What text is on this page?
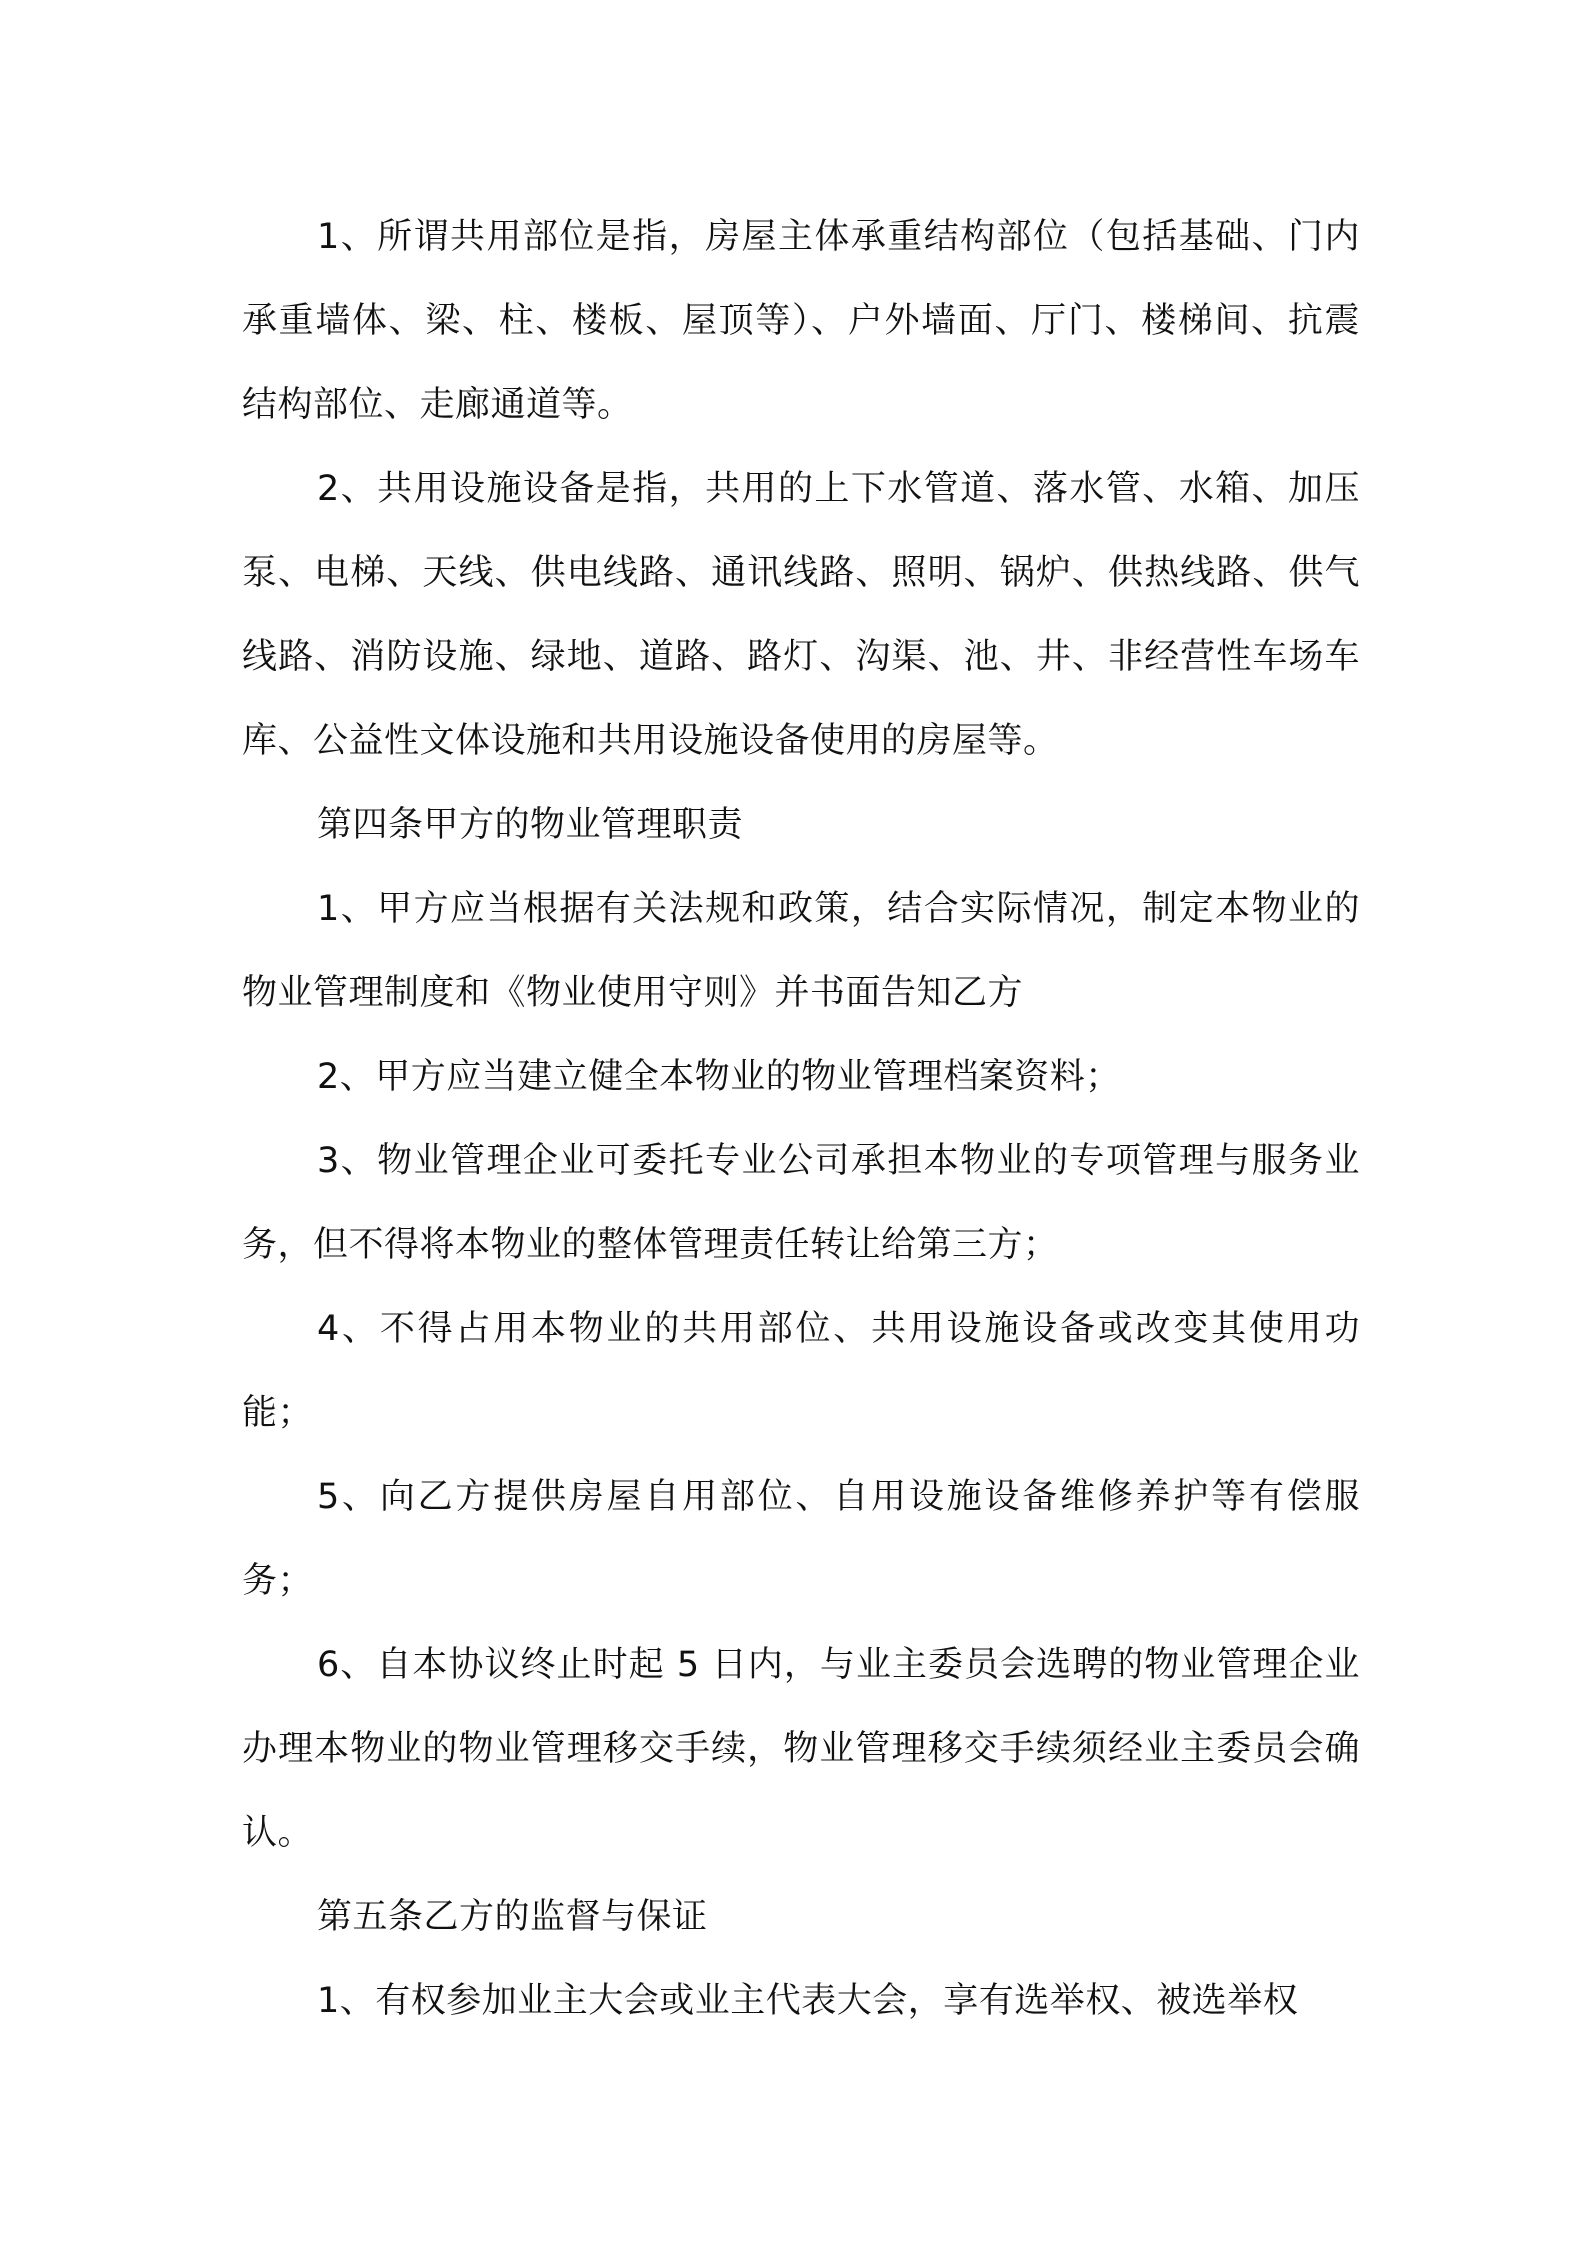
1、所谓共用部位是指，房屋主体承重结构部位（包括基础、门内承重墙体、梁、柱、楼板、屋顶等）、户外墙面、厅门、楼梯间、抗震结构部位、走廊通道等。

2、共用设施设备是指，共用的上下水管道、落水管、水箱、加压泵、电梯、天线、供电线路、通讯线路、照明、锅炉、供热线路、供气线路、消防设施、绿地、道路、路灯、沟渠、池、井、非经营性车场车库、公益性文体设施和共用设施设备使用的房屋等。

第四条甲方的物业管理职责

1、甲方应当根据有关法规和政策，结合实际情况，制定本物业的物业管理制度和《物业使用守则》并书面告知乙方

2、甲方应当建立健全本物业的物业管理档案资料；

3、物业管理企业可委托专业公司承担本物业的专项管理与服务业务，但不得将本物业的整体管理责任转让给第三方；

4、不得占用本物业的共用部位、共用设施设备或改变其使用功能；

5、向乙方提供房屋自用部位、自用设施设备维修养护等有偿服务；

6、自本协议终止时起 5 日内，与业主委员会选聘的物业管理企业办理本物业的物业管理移交手续，物业管理移交手续须经业主委员会确认。

第五条乙方的监督与保证

1、有权参加业主大会或业主代表大会，享有选举权、被选举权
